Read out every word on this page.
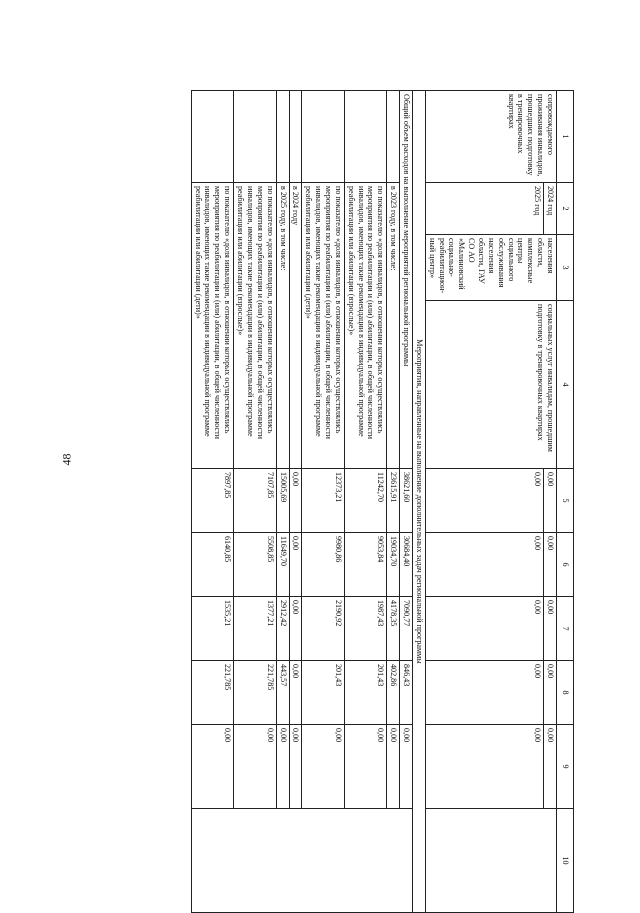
48
1	2	3	4	5	6	7	8	9	10
сопровождаемого проживания инвалидов, прошедших подготовку в тренировочных квартирах	2024 год	населения области, комплексные центры социального обслуживания населения области, ГАУ СО АО «Малиновский социально-реабилитацион-ный центр»	социальных услуг инвалидам, прошедшим подготовку в тренировочных квартирах	0,00	0,00	0,00	0,00	0,00	
	2025 год			0,00	0,00	0,00	0,00	0,00	
Мероприятия, направленные на выполнение дополнительных задач региональной программы									
Общий объем расходов на выполнение мероприятий региональной программы				38621,60	30684,40	7090,77	846,43	0,00	
	в 2023 году, в том числе:			23615,91	19034,70	4178,35	402,86	0,00	
	по показателю «доля инвалидов, в отношении которых осуществлялись мероприятия по реабилитации и (или) абилитации, в общей численности инвалидов, имеющих такие рекомендации в индивидуальной программе реабилитации или абилитации (взрослые)»			11242,70	9053,84	1987,43	201,43	0,00	
	по показателю «доля инвалидов, в отношении которых осуществлялись мероприятия по реабилитации и (или) абилитации, в общей численности инвалидов, имеющих такие рекомендации в индивидуальной программе реабилитации или абилитации (дети)»			12373,21	9980,86	2190,92	201,43	0,00	
	в 2024 году			0,00	0,00	0,00	0,00	0,00	
	в 2025 году, в том числе:			15005,69	11649,70	2912,42	443,57	0,00	
	по показателю «доля инвалидов, в отношении которых осуществлялись мероприятия по реабилитации и (или) абилитации, в общей численности инвалидов, имеющих такие рекомендации в индивидуальной программе реабилитации или абилитации (взрослые)»			7107,85	5508,85	1377,21	221,785	0,00	
	по показателю «доля инвалидов, в отношении которых осуществлялись мероприятия по реабилитации и (или) абилитации, в общей численности инвалидов, имеющих такие рекомендации в индивидуальной программе реабилитации или абилитации (дети)»			7897,85	6140,85	1535,21	221,785	0,00	
